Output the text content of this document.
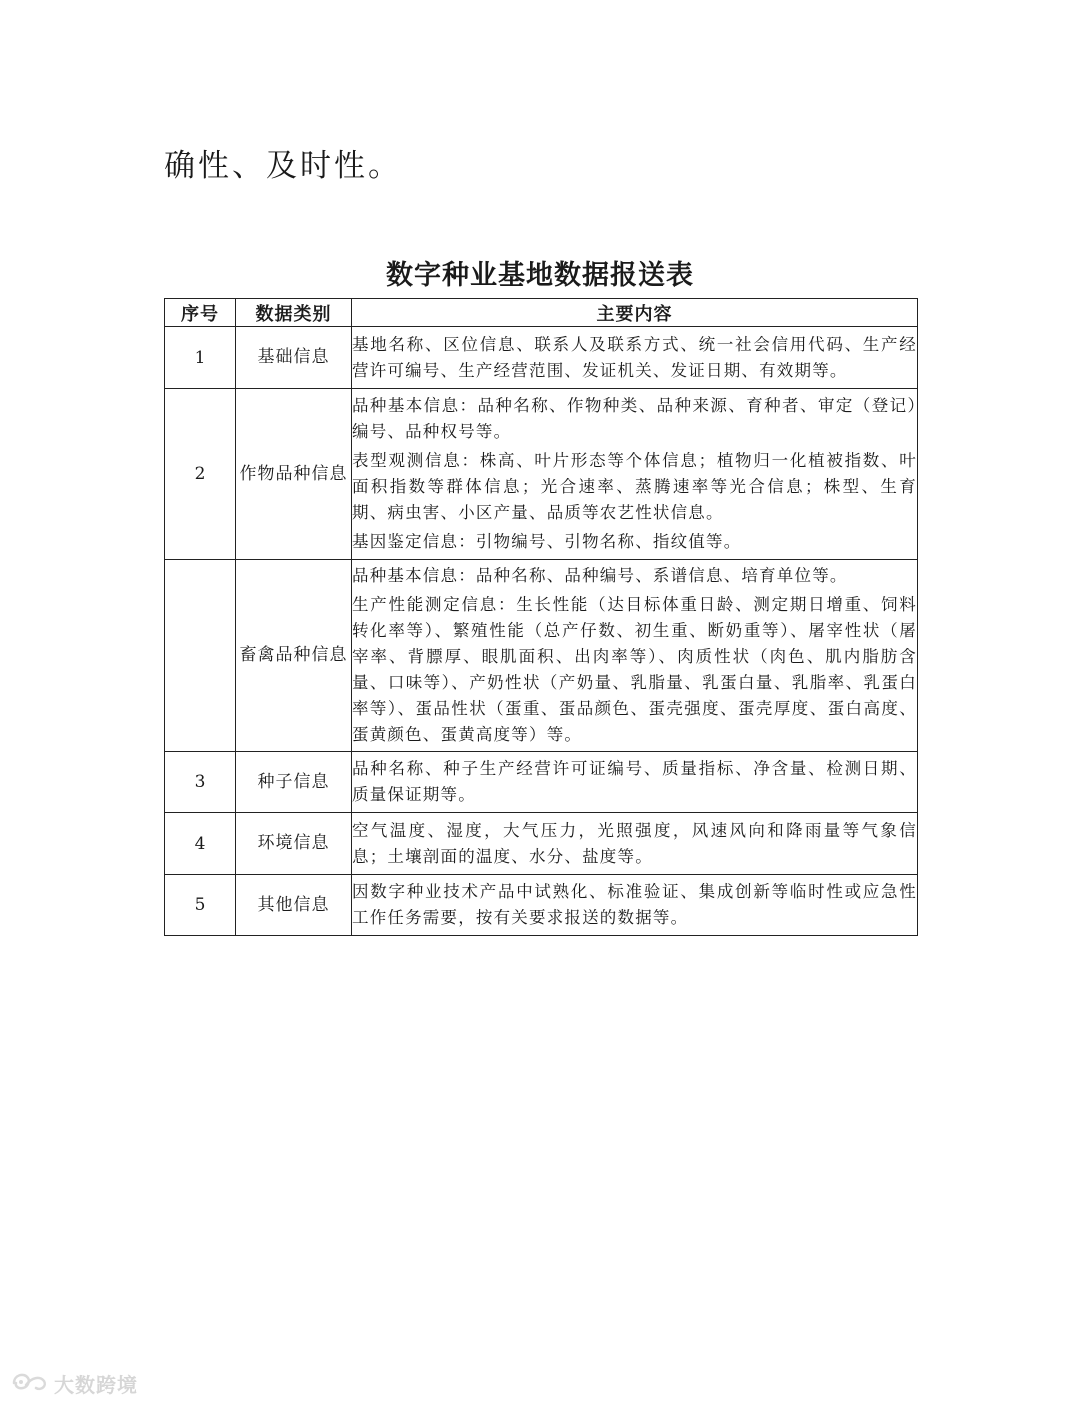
确性、及时性。
数字种业基地数据报送表
序号	数据类别	主要内容
1	基础信息	基地名称、区位信息、联系人及联系方式、统一社会信用代码、生产经营许可编号、生产经营范围、发证机关、发证日期、有效期等。

2	作物品种信息	品种基本信息：品种名称、作物种类、品种来源、育种者、审定（登记）编号、品种权号等。

表型观测信息：株高、叶片形态等个体信息；植物归一化植被指数、叶面积指数等群体信息；光合速率、蒸腾速率等光合信息；株型、生育期、病虫害、小区产量、品质等农艺性状信息。

基因鉴定信息：引物编号、引物名称、指纹值等。

	畜禽品种信息	品种基本信息：品种名称、品种编号、系谱信息、培育单位等。

生产性能测定信息：生长性能（达目标体重日龄、测定期日增重、饲料转化率等）、繁殖性能（总产仔数、初生重、断奶重等）、屠宰性状（屠宰率、背膘厚、眼肌面积、出肉率等）、肉质性状（肉色、肌内脂肪含量、口味等）、产奶性状（产奶量、乳脂量、乳蛋白量、乳脂率、乳蛋白率等）、蛋品性状（蛋重、蛋品颜色、蛋壳强度、蛋壳厚度、蛋白高度、蛋黄颜色、蛋黄高度等）等。

3	种子信息	品种名称、种子生产经营许可证编号、质量指标、净含量、检测日期、质量保证期等。

4	环境信息	空气温度、湿度，大气压力，光照强度，风速风向和降雨量等气象信息；土壤剖面的温度、水分、盐度等。

5	其他信息	因数字种业技术产品中试熟化、标准验证、集成创新等临时性或应急性工作任务需要，按有关要求报送的数据等。

大数跨境
